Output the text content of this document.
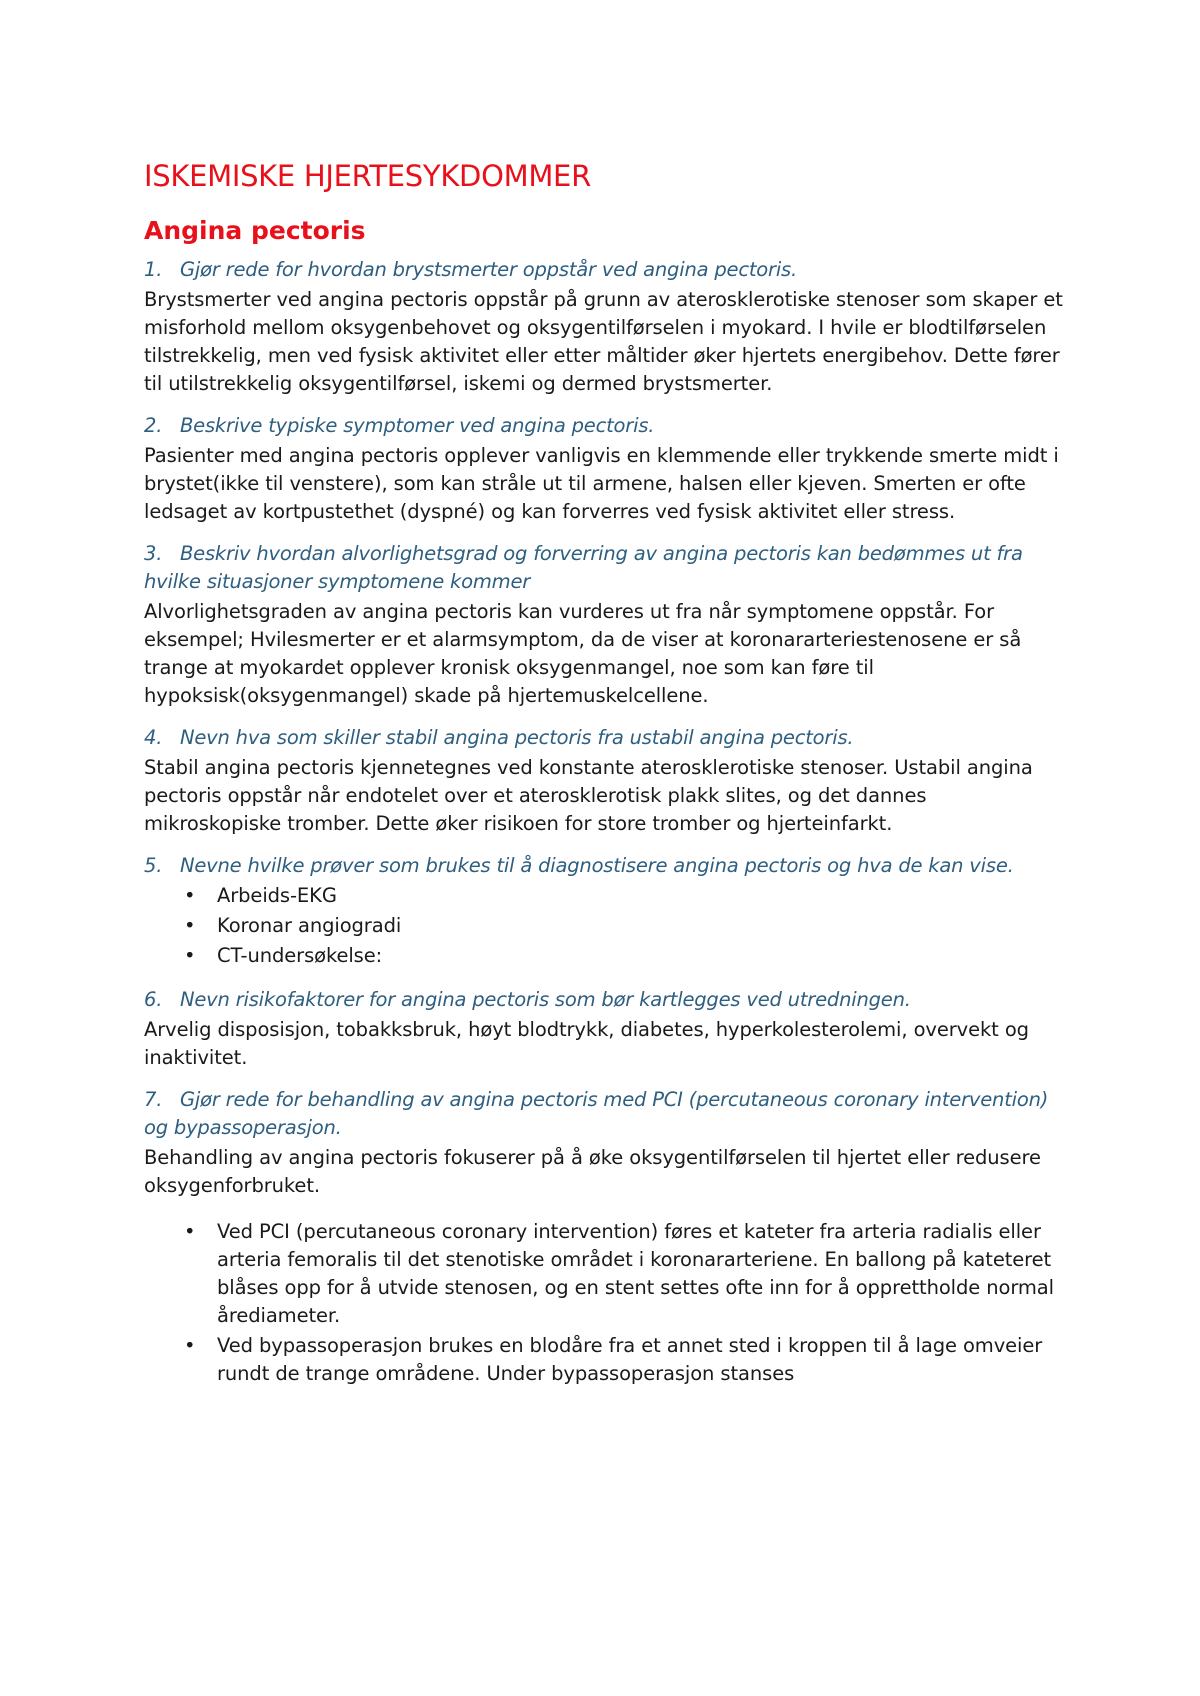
ISKEMISKE HJERTESYKDOMMER
Angina pectoris

1. Gjør rede for hvordan brystsmerter oppstår ved angina pectoris.

Brystsmerter ved angina pectoris oppstår på grunn av aterosklerotiske stenoser som skaper et misforhold mellom oksygenbehovet og oksygentilførselen i myokard. I hvile er blodtilførselen tilstrekkelig, men ved fysisk aktivitet eller etter måltider øker hjertets energibehov. Dette fører til utilstrekkelig oksygentilførsel, iskemi og dermed brystsmerter.

2. Beskrive typiske symptomer ved angina pectoris.

Pasienter med angina pectoris opplever vanligvis en klemmende eller trykkende smerte midt i brystet(ikke til venstere), som kan stråle ut til armene, halsen eller kjeven. Smerten er ofte ledsaget av kortpustethet (dyspné) og kan forverres ved fysisk aktivitet eller stress.

3. Beskriv hvordan alvorlighetsgrad og forverring av angina pectoris kan bedømmes ut fra hvilke situasjoner symptomene kommer

Alvorlighetsgraden av angina pectoris kan vurderes ut fra når symptomene oppstår. For eksempel; Hvilesmerter er et alarmsymptom, da de viser at koronararteriestenosene er så trange at myokardet opplever kronisk oksygenmangel, noe som kan føre til hypoksisk(oksygenmangel) skade på hjertemuskelcellene.

4. Nevn hva som skiller stabil angina pectoris fra ustabil angina pectoris.

Stabil angina pectoris kjennetegnes ved konstante aterosklerotiske stenoser. Ustabil angina pectoris oppstår når endotelet over et aterosklerotisk plakk slites, og det dannes mikroskopiske tromber. Dette øker risikoen for store tromber og hjerteinfarkt.

5. Nevne hvilke prøver som brukes til å diagnostisere angina pectoris og hva de kan vise.

• Arbeids-EKG
• Koronar angiogradi
• CT-undersøkelse:

6. Nevn risikofaktorer for angina pectoris som bør kartlegges ved utredningen.

Arvelig disposisjon, tobakksbruk, høyt blodtrykk, diabetes, hyperkolesterolemi, overvekt og inaktivitet.

7. Gjør rede for behandling av angina pectoris med PCI (percutaneous coronary intervention) og bypassoperasjon.

Behandling av angina pectoris fokuserer på å øke oksygentilførselen til hjertet eller redusere oksygenforbruket.

• Ved PCI (percutaneous coronary intervention) føres et kateter fra arteria radialis eller arteria femoralis til det stenotiske området i koronararteriene. En ballong på kateteret blåses opp for å utvide stenosen, og en stent settes ofte inn for å opprettholde normal årediameter.
• Ved bypassoperasjon brukes en blodåre fra et annet sted i kroppen til å lage omveier rundt de trange områdene. Under bypassoperasjon stanses
